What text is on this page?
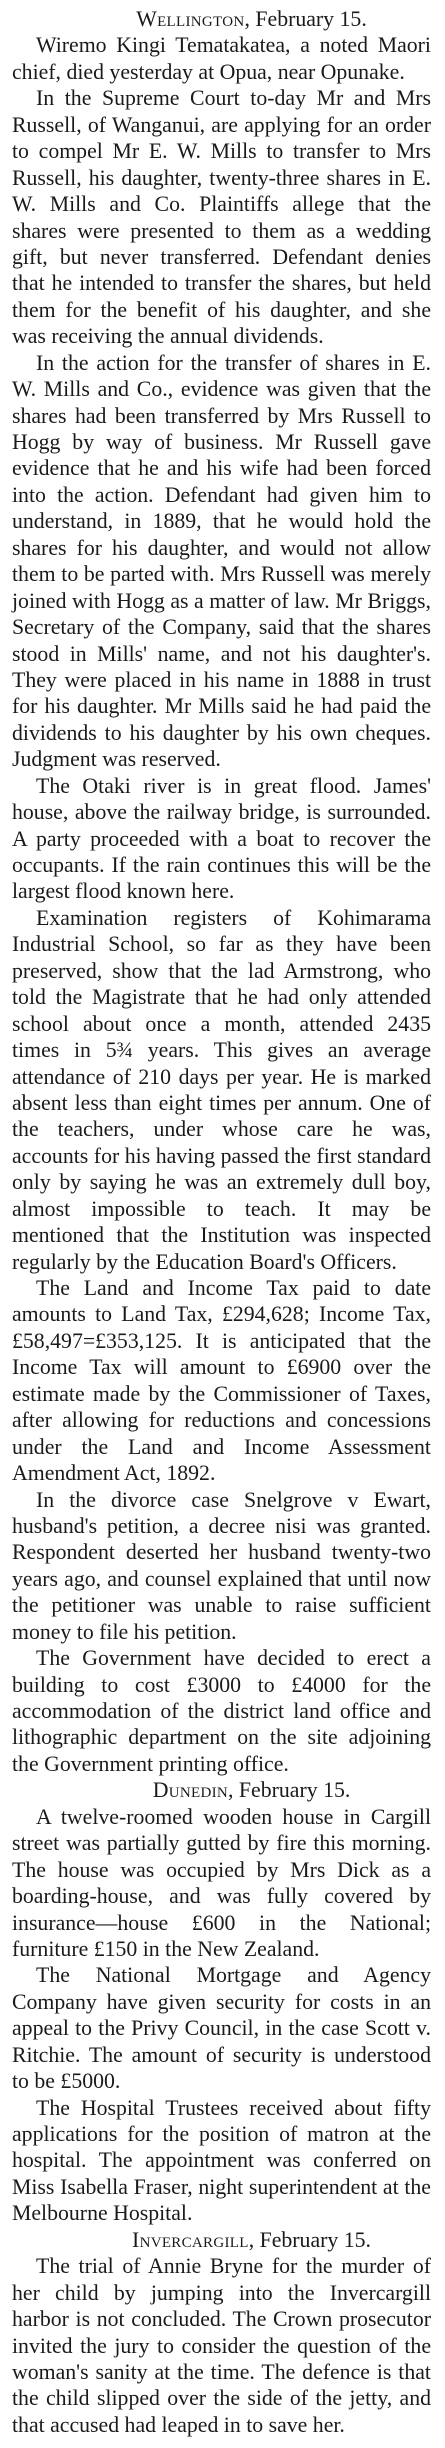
Wellington, February 15.

Wiremo Kingi Tematakatea, a noted Maori chief, died yesterday at Opua, near Opunake.

In the Supreme Court to-day Mr and Mrs Russell, of Wanganui, are applying for an order to compel Mr E. W. Mills to transfer to Mrs Russell, his daughter, twenty-three shares in E. W. Mills and Co. Plaintiffs allege that the shares were presented to them as a wedding gift, but never transferred. Defendant denies that he intended to transfer the shares, but held them for the benefit of his daughter, and she was receiving the annual dividends.

In the action for the transfer of shares in E. W. Mills and Co., evidence was given that the shares had been transferred by Mrs Russell to Hogg by way of business. Mr Russell gave evidence that he and his wife had been forced into the action. Defendant had given him to understand, in 1889, that he would hold the shares for his daughter, and would not allow them to be parted with. Mrs Russell was merely joined with Hogg as a matter of law. Mr Briggs, Secretary of the Company, said that the shares stood in Mills' name, and not his daughter's. They were placed in his name in 1888 in trust for his daughter. Mr Mills said he had paid the dividends to his daughter by his own cheques. Judgment was reserved.

The Otaki river is in great flood. James' house, above the railway bridge, is surrounded. A party proceeded with a boat to recover the occupants. If the rain continues this will be the largest flood known here.

Examination registers of Kohimarama Industrial School, so far as they have been preserved, show that the lad Armstrong, who told the Magistrate that he had only attended school about once a month, attended 2435 times in 5¾ years. This gives an average attendance of 210 days per year. He is marked absent less than eight times per annum. One of the teachers, under whose care he was, accounts for his having passed the first standard only by saying he was an extremely dull boy, almost impossible to teach. It may be mentioned that the Institution was inspected regularly by the Education Board's Officers.

The Land and Income Tax paid to date amounts to Land Tax, £294,628; Income Tax, £58,497=£353,125. It is anticipated that the Income Tax will amount to £6900 over the estimate made by the Commissioner of Taxes, after allowing for reductions and concessions under the Land and Income Assessment Amendment Act, 1892.

In the divorce case Snelgrove v Ewart, husband's petition, a decree nisi was granted. Respondent deserted her husband twenty-two years ago, and counsel explained that until now the petitioner was unable to raise sufficient money to file his petition.

The Government have decided to erect a building to cost £3000 to £4000 for the accommodation of the district land office and lithographic department on the site adjoining the Government printing office.

Dunedin, February 15.

A twelve-roomed wooden house in Cargill street was partially gutted by fire this morning. The house was occupied by Mrs Dick as a boarding-house, and was fully covered by insurance—house £600 in the National; furniture £150 in the New Zealand.

The National Mortgage and Agency Company have given security for costs in an appeal to the Privy Council, in the case Scott v. Ritchie. The amount of security is understood to be £5000.

The Hospital Trustees received about fifty applications for the position of matron at the hospital. The appointment was conferred on Miss Isabella Fraser, night superintendent at the Melbourne Hospital.

Invercargill, February 15.

The trial of Annie Bryne for the murder of her child by jumping into the Invercargill harbor is not concluded. The Crown prosecutor invited the jury to consider the question of the woman's sanity at the time. The defence is that the child slipped over the side of the jetty, and that accused had leaped in to save her.
